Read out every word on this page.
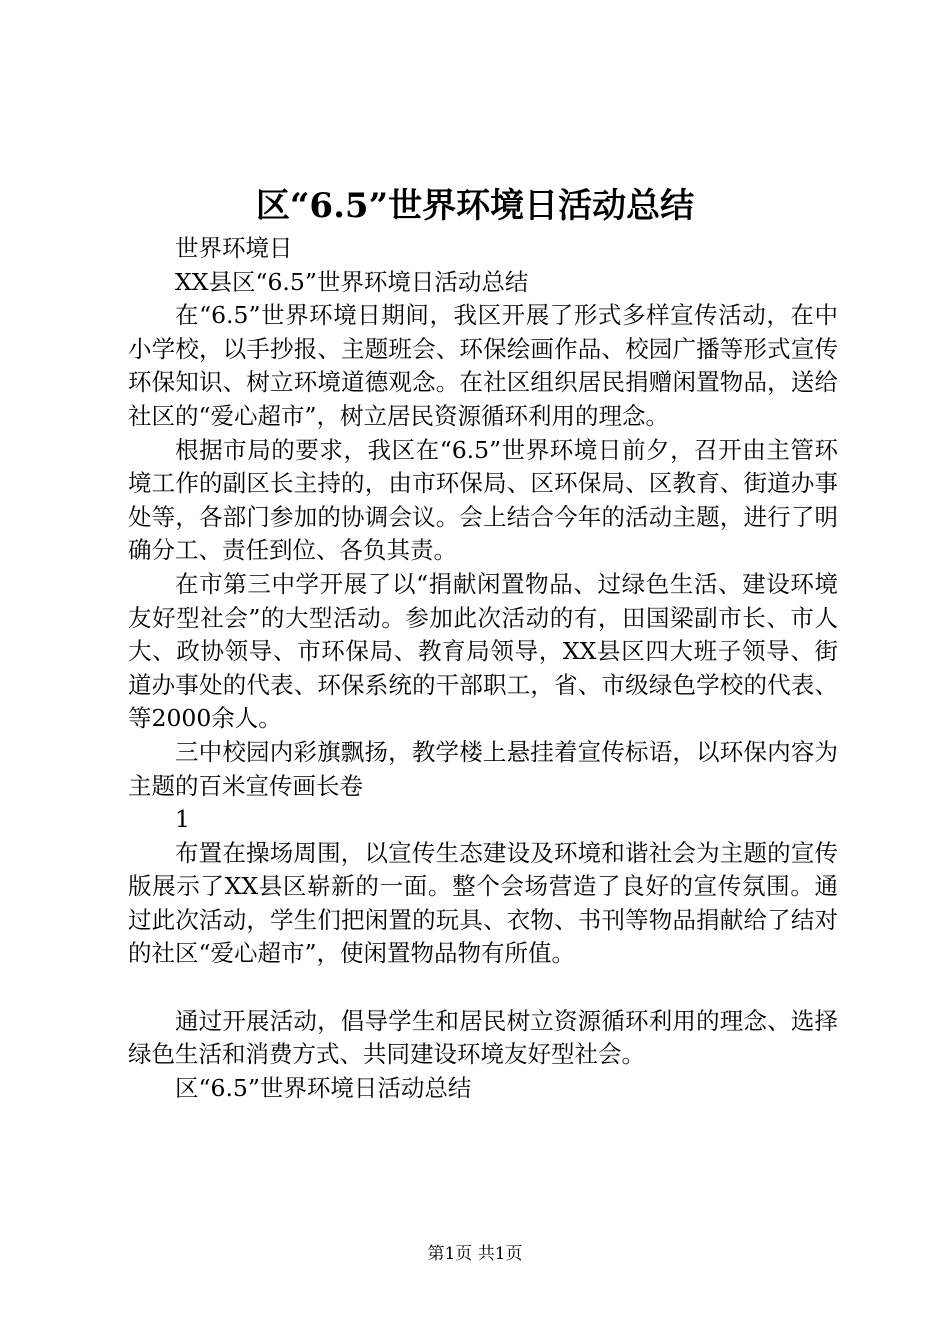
区“6.5”世界环境日活动总结

世界环境日

XX县区“6.5”世界环境日活动总结

在“6.5”世界环境日期间，我区开展了形式多样宣传活动，在中小学校，以手抄报、主题班会、环保绘画作品、校园广播等形式宣传环保知识、树立环境道德观念。在社区组织居民捐赠闲置物品，送给社区的“爱心超市”，树立居民资源循环利用的理念。

根据市局的要求，我区在“6.5”世界环境日前夕，召开由主管环境工作的副区长主持的，由市环保局、区环保局、区教育、街道办事处等，各部门参加的协调会议。会上结合今年的活动主题，进行了明确分工、责任到位、各负其责。

在市第三中学开展了以“捐献闲置物品、过绿色生活、建设环境友好型社会”的大型活动。参加此次活动的有，田国梁副市长、市人大、政协领导、市环保局、教育局领导，XX县区四大班子领导、街道办事处的代表、环保系统的干部职工，省、市级绿色学校的代表、等2000余人。

三中校园内彩旗飘扬，教学楼上悬挂着宣传标语，以环保内容为主题的百米宣传画长卷

1

布置在操场周围，以宣传生态建设及环境和谐社会为主题的宣传版展示了XX县区崭新的一面。整个会场营造了良好的宣传氛围。通过此次活动，学生们把闲置的玩具、衣物、书刊等物品捐献给了结对的社区“爱心超市”，使闲置物品物有所值。

通过开展活动，倡导学生和居民树立资源循环利用的理念、选择绿色生活和消费方式、共同建设环境友好型社会。

区“6.5”世界环境日活动总结

第1页 共1页
